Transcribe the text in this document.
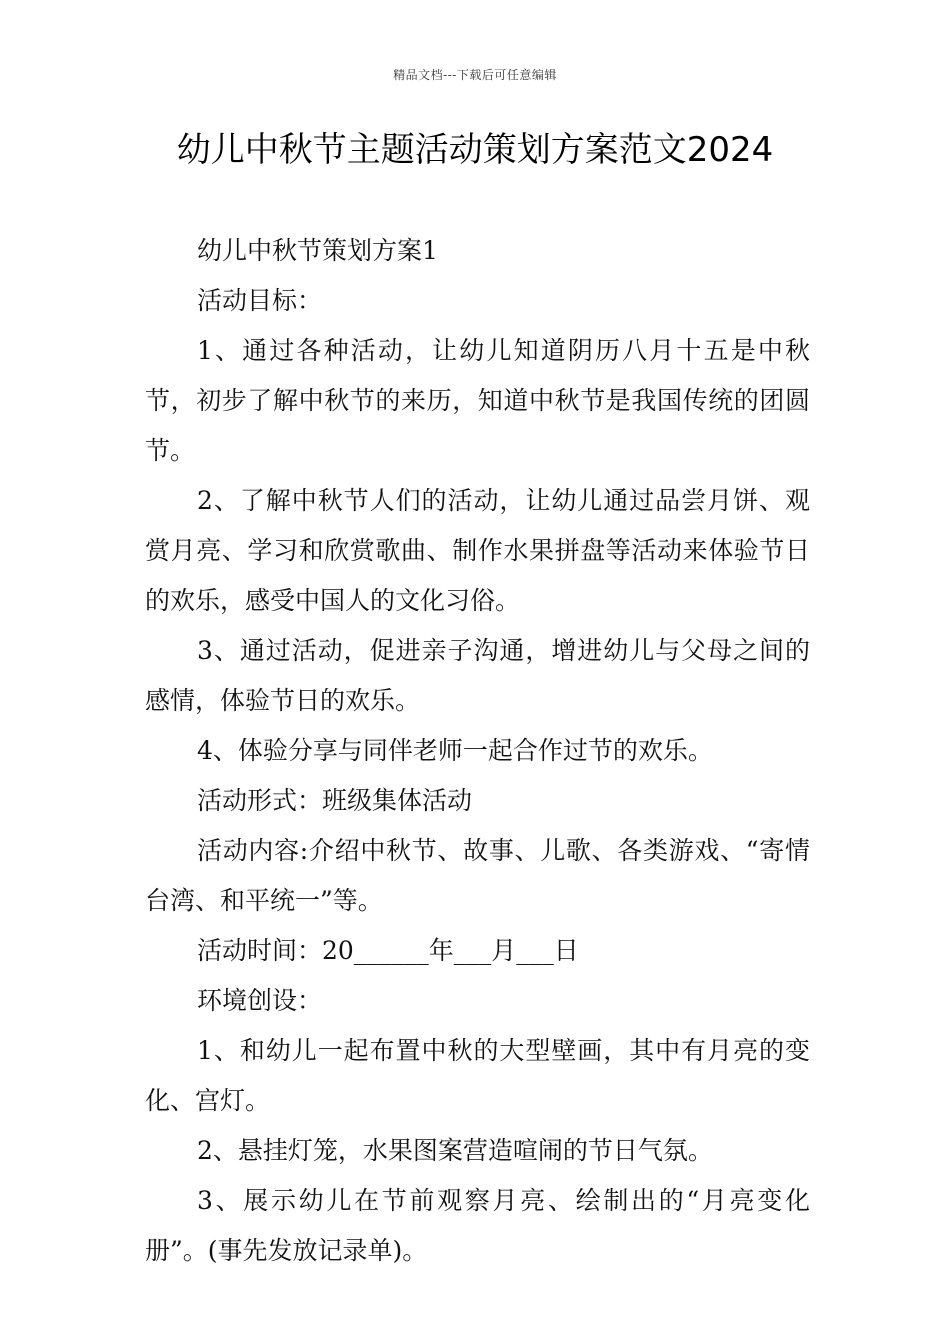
精品文档---下载后可任意编辑
幼儿中秋节主题活动策划方案范文2024

幼儿中秋节策划方案1

活动目标：

1、通过各种活动，让幼儿知道阴历八月十五是中秋节，初步了解中秋节的来历，知道中秋节是我国传统的团圆节。

2、了解中秋节人们的活动，让幼儿通过品尝月饼、观赏月亮、学习和欣赏歌曲、制作水果拼盘等活动来体验节日的欢乐，感受中国人的文化习俗。

3、通过活动，促进亲子沟通，增进幼儿与父母之间的感情，体验节日的欢乐。

4、体验分享与同伴老师一起合作过节的欢乐。

活动形式：班级集体活动

活动内容:介绍中秋节、故事、儿歌、各类游戏、“寄情台湾、和平统一”等。

活动时间：20______年___月___日

环境创设：

1、和幼儿一起布置中秋的大型壁画，其中有月亮的变化、宫灯。

2、悬挂灯笼，水果图案营造喧闹的节日气氛。

3、展示幼儿在节前观察月亮、绘制出的“月亮变化册”。(事先发放记录单)。
